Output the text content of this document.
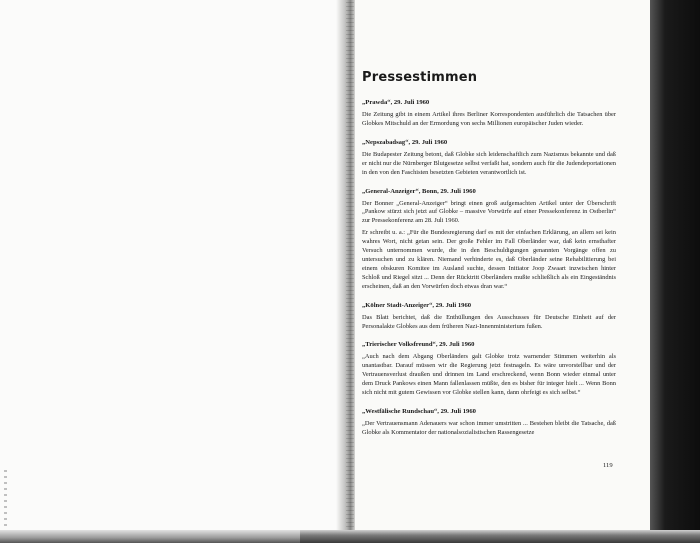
Pressestimmen
„Prawda“, 29. Juli 1960
Die Zeitung gibt in einem Artikel ihres Berliner Korrespondenten ausführlich die Tatsachen über Globkes Mitschuld an der Ermordung von sechs Millionen europäischer Juden wieder.
„Nepszabadsag“, 29. Juli 1960
Die Budapester Zeitung betont, daß Globke sich leidenschaftlich zum Nazismus bekannte und daß er nicht nur die Nürnberger Blutgesetze selbst verfaßt hat, sondern auch für die Judendeportationen in den von den Faschisten besetzten Gebieten verantwortlich ist.
„General-Anzeiger“, Bonn, 29. Juli 1960
Der Bonner „General-Anzeiger“ bringt einen groß aufgemachten Artikel unter der Überschrift „Pankow stürzt sich jetzt auf Globke – massive Vorwürfe auf einer Pressekonferenz in Ostberlin“ zur Pressekonferenz am 28. Juli 1960.
Er schreibt u. a.: „Für die Bundesregierung darf es mit der einfachen Erklärung, an allem sei kein wahres Wort, nicht getan sein. Der große Fehler im Fall Oberländer war, daß kein ernsthafter Versuch unternommen wurde, die in den Beschuldigungen genannten Vorgänge offen zu untersuchen und zu klären. Niemand verhinderte es, daß Oberländer seine Rehabilitierung bei einem obskuren Komitee im Ausland suchte, dessen Initiator Joop Zwaart inzwischen hinter Schloß und Riegel sitzt ... Denn der Rücktritt Oberländers mußte schließlich als ein Eingeständnis erscheinen, daß an den Vorwürfen doch etwas dran war.“
„Kölner Stadt-Anzeiger“, 29. Juli 1960
Das Blatt berichtet, daß die Enthüllungen des Ausschusses für Deutsche Einheit auf der Personalakte Globkes aus dem früheren Nazi-Innenministerium fußen.
„Trierischer Volksfreund“, 29. Juli 1960
„Auch nach dem Abgang Oberländers galt Globke trotz warnender Stimmen weiterhin als unantastbar. Darauf müssen wir die Regierung jetzt festnageln. Es wäre unvorstellbar und der Vertrauensverlust draußen und drinnen im Land erschreckend, wenn Bonn wieder einmal unter dem Druck Pankows einen Mann fallenlassen müßte, den es bisher für integer hielt ... Wenn Bonn sich nicht mit gutem Gewissen vor Globke stellen kann, dann ohrfeigt es sich selbst.“
„Westfälische Rundschau“, 29. Juli 1960
„Der Vertrauensmann Adenauers war schon immer umstritten ... Bestehen bleibt die Tatsache, daß Globke als Kommentator der nationalsozialistischen Rassengesetze
119
